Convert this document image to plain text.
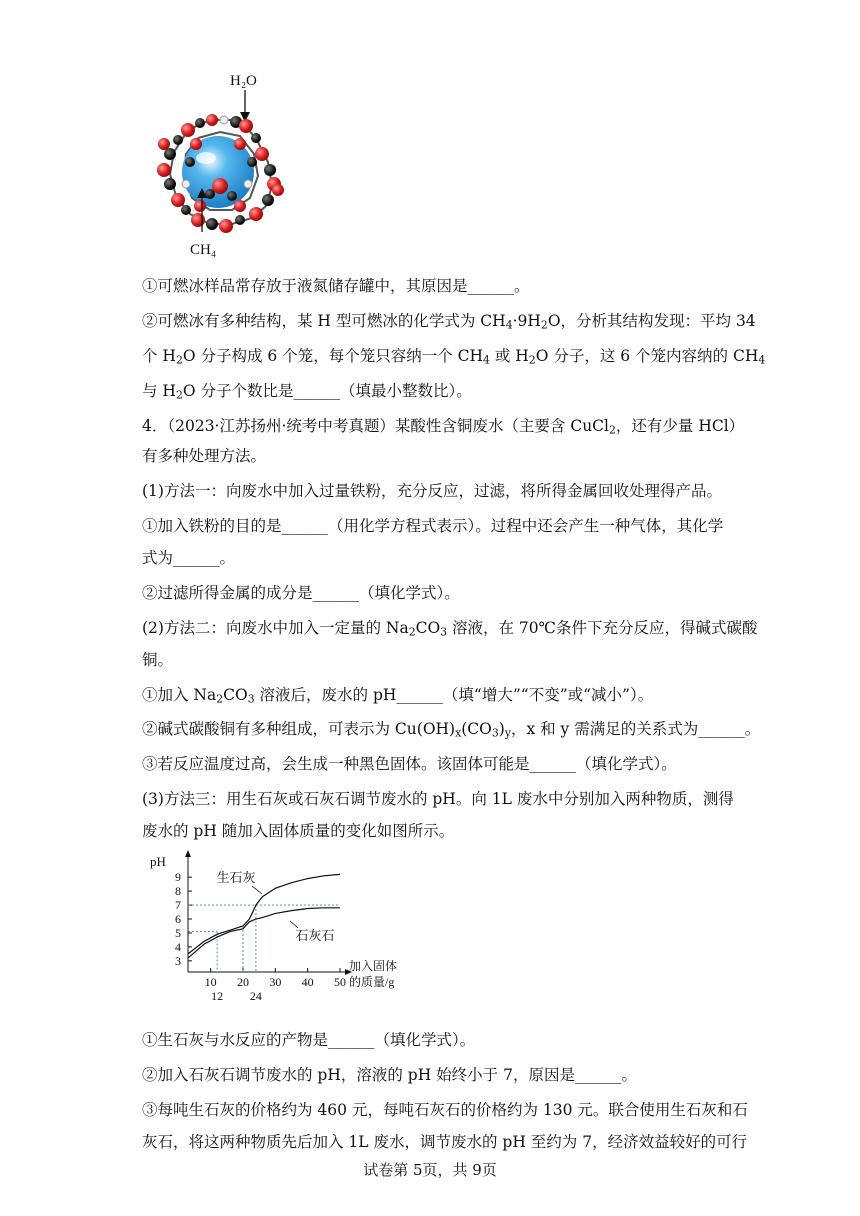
H₂O
CH₄
①可燃冰样品常存放于液氮储存罐中，其原因是______。
②可燃冰有多种结构，某 H 型可燃冰的化学式为 $CH_4\cdot 9H_2O$，分析其结构发现：平均 34
个 $H_2O$ 分子构成 6 个笼，每个笼只容纳一个 $CH_4$ 或 $H_2O$ 分子，这 6 个笼内容纳的 $CH_4$
与 $H_2O$ 分子个数比是______（填最小整数比）。
4．（2023·江苏扬州·统考中考真题）某酸性含铜废水（主要含 CuCl$_2$，还有少量 HCl）
有多种处理方法。
(1)方法一：向废水中加入过量铁粉，充分反应，过滤，将所得金属回收处理得产品。
①加入铁粉的目的是______（用化学方程式表示）。过程中还会产生一种气体，其化学
式为______。
②过滤所得金属的成分是______（填化学式）。
(2)方法二：向废水中加入一定量的 $Na_2CO_3$ 溶液，在 70℃条件下充分反应，得碱式碳酸
铜。
①加入 $Na_2CO_3$ 溶液后，废水的 pH______（填“增大”“不变”或“减小”）。
②碱式碳酸铜有多种组成，可表示为 $Cu(OH)_x(CO_3)_y$，x 和 y 需满足的关系式为______。
③若反应温度过高，会生成一种黑色固体。该固体可能是______（填化学式）。
(3)方法三：用生石灰或石灰石调节废水的 pH。向 1L 废水中分别加入两种物质，测得
废水的 pH 随加入固体质量的变化如图所示。
①生石灰与水反应的产物是______（填化学式）。
②加入石灰石调节废水的 pH，溶液的 pH 始终小于 7，原因是______。
③每吨生石灰的价格约为 460 元，每吨石灰石的价格约为 130 元。联合使用生石灰和石
灰石，将这两种物质先后加入 1L 废水，调节废水的 pH 至约为 7，经济效益较好的可行
pH
3
4
5
6
7
8
9
10 20 30 40 50
12 24
加入固体
的质量/g
生石灰
石灰石
试卷第 5页，共 9页
